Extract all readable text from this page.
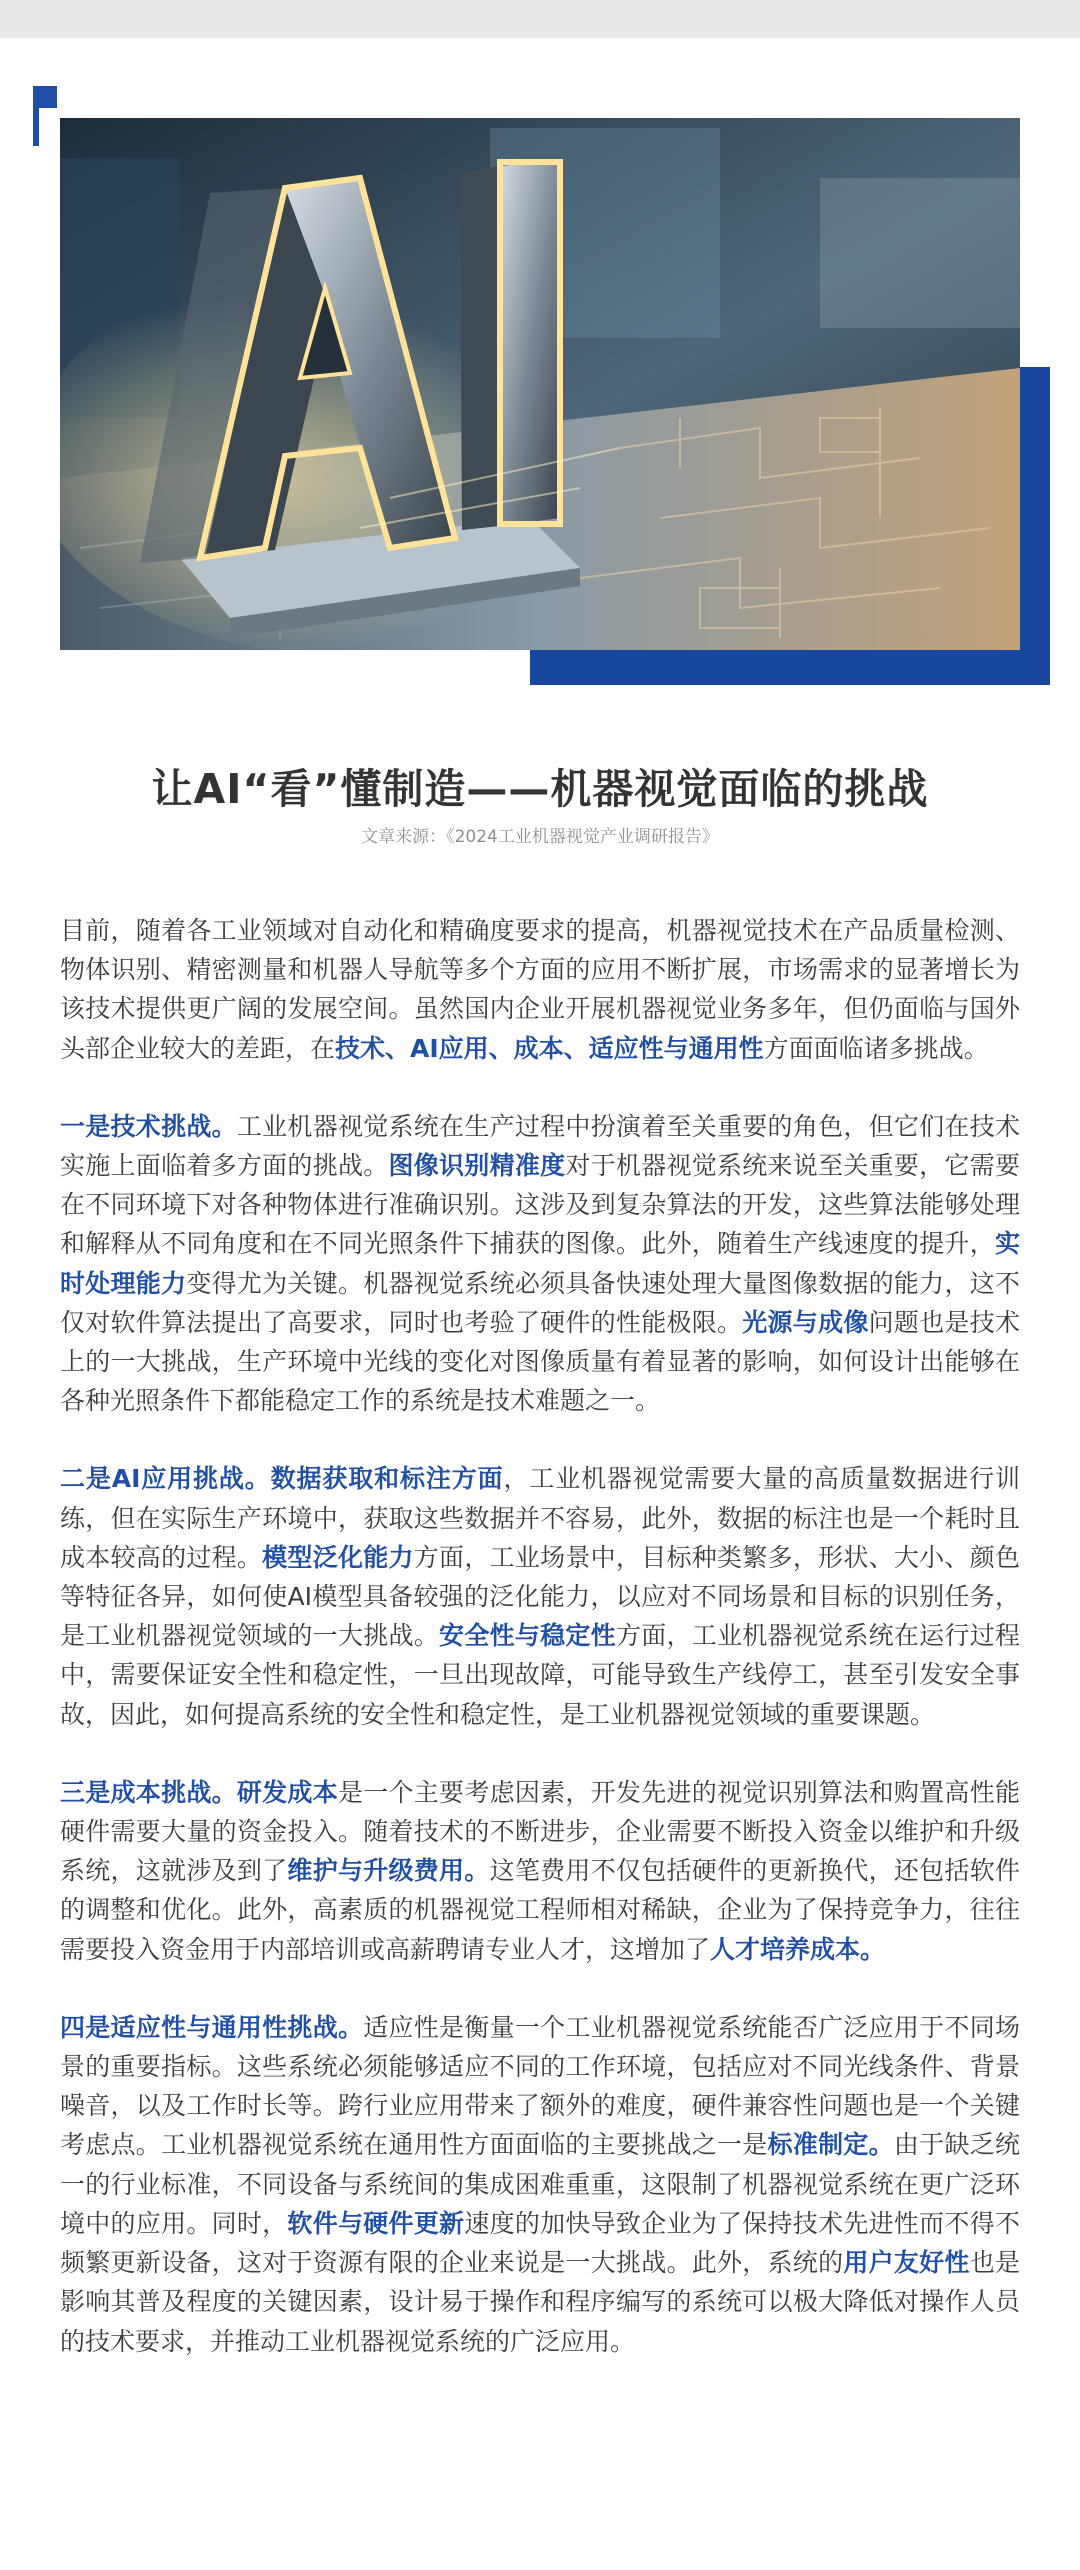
让AI“看”懂制造——机器视觉面临的挑战
文章来源：《2024工业机器视觉产业调研报告》

目前，随着各工业领域对自动化和精确度要求的提高，机器视觉技术在产品质量检测、物体识别、精密测量和机器人导航等多个方面的应用不断扩展，市场需求的显著增长为该技术提供更广阔的发展空间。虽然国内企业开展机器视觉业务多年，但仍面临与国外头部企业较大的差距，在技术、AI应用、成本、适应性与通用性方面面临诸多挑战。

一是技术挑战。工业机器视觉系统在生产过程中扮演着至关重要的角色，但它们在技术实施上面临着多方面的挑战。图像识别精准度对于机器视觉系统来说至关重要，它需要在不同环境下对各种物体进行准确识别。这涉及到复杂算法的开发，这些算法能够处理和解释从不同角度和在不同光照条件下捕获的图像。此外，随着生产线速度的提升，实时处理能力变得尤为关键。机器视觉系统必须具备快速处理大量图像数据的能力，这不仅对软件算法提出了高要求，同时也考验了硬件的性能极限。光源与成像问题也是技术上的一大挑战，生产环境中光线的变化对图像质量有着显著的影响，如何设计出能够在各种光照条件下都能稳定工作的系统是技术难题之一。

二是AI应用挑战。数据获取和标注方面，工业机器视觉需要大量的高质量数据进行训练，但在实际生产环境中，获取这些数据并不容易，此外，数据的标注也是一个耗时且成本较高的过程。模型泛化能力方面，工业场景中，目标种类繁多，形状、大小、颜色等特征各异，如何使AI模型具备较强的泛化能力，以应对不同场景和目标的识别任务，是工业机器视觉领域的一大挑战。安全性与稳定性方面，工业机器视觉系统在运行过程中，需要保证安全性和稳定性，一旦出现故障，可能导致生产线停工，甚至引发安全事故，因此，如何提高系统的安全性和稳定性，是工业机器视觉领域的重要课题。

三是成本挑战。研发成本是一个主要考虑因素，开发先进的视觉识别算法和购置高性能硬件需要大量的资金投入。随着技术的不断进步，企业需要不断投入资金以维护和升级系统，这就涉及到了维护与升级费用。这笔费用不仅包括硬件的更新换代，还包括软件的调整和优化。此外，高素质的机器视觉工程师相对稀缺，企业为了保持竞争力，往往需要投入资金用于内部培训或高薪聘请专业人才，这增加了人才培养成本。

四是适应性与通用性挑战。适应性是衡量一个工业机器视觉系统能否广泛应用于不同场景的重要指标。这些系统必须能够适应不同的工作环境，包括应对不同光线条件、背景噪音，以及工作时长等。跨行业应用带来了额外的难度，硬件兼容性问题也是一个关键考虑点。工业机器视觉系统在通用性方面面临的主要挑战之一是标准制定。由于缺乏统一的行业标准，不同设备与系统间的集成困难重重，这限制了机器视觉系统在更广泛环境中的应用。同时，软件与硬件更新速度的加快导致企业为了保持技术先进性而不得不频繁更新设备，这对于资源有限的企业来说是一大挑战。此外，系统的用户友好性也是影响其普及程度的关键因素，设计易于操作和程序编写的系统可以极大降低对操作人员的技术要求，并推动工业机器视觉系统的广泛应用。
